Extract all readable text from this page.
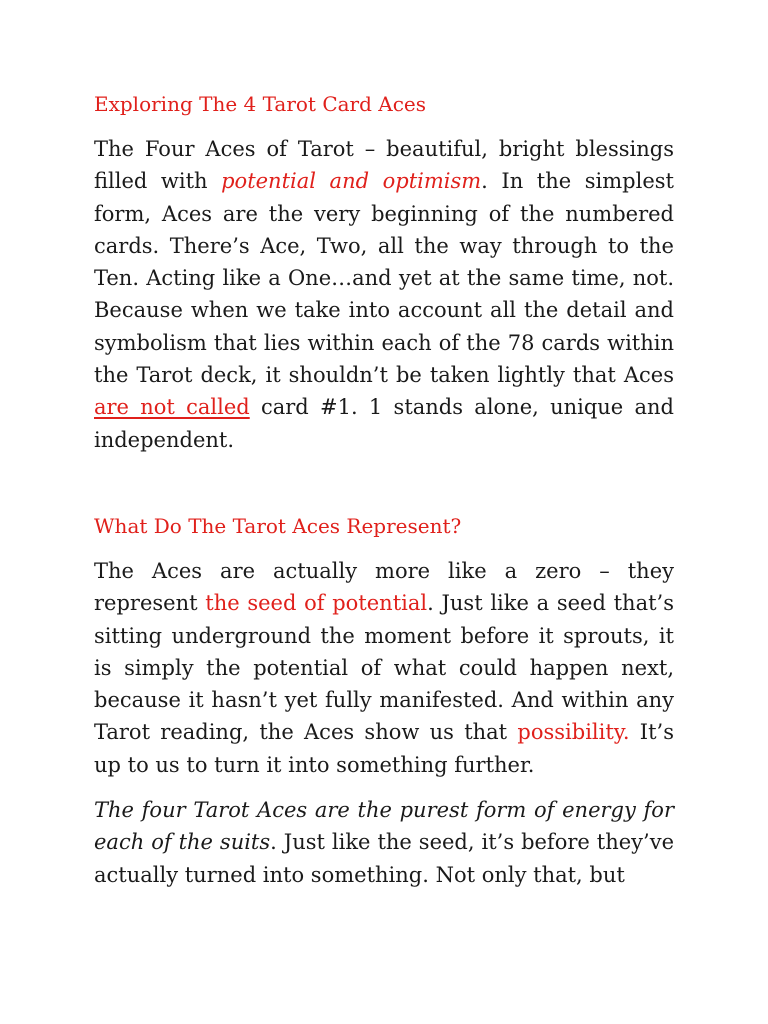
Exploring The 4 Tarot Card Aces

The Four Aces of Tarot – beautiful, bright blessings filled with potential and optimism. In the simplest form, Aces are the very beginning of the numbered cards. There’s Ace, Two, all the way through to the Ten. Acting like a One…and yet at the same time, not. Because when we take into account all the detail and symbolism that lies within each of the 78 cards within the Tarot deck, it shouldn’t be taken lightly that Aces are not called card #1. 1 stands alone, unique and independent.

What Do The Tarot Aces Represent?

The Aces are actually more like a zero – they represent the seed of potential. Just like a seed that’s sitting underground the moment before it sprouts, it is simply the potential of what could happen next, because it hasn’t yet fully manifested. And within any Tarot reading, the Aces show us that possibility. It’s up to us to turn it into something further.

The four Tarot Aces are the purest form of energy for each of the suits. Just like the seed, it’s before they’ve actually turned into something. Not only that, but
